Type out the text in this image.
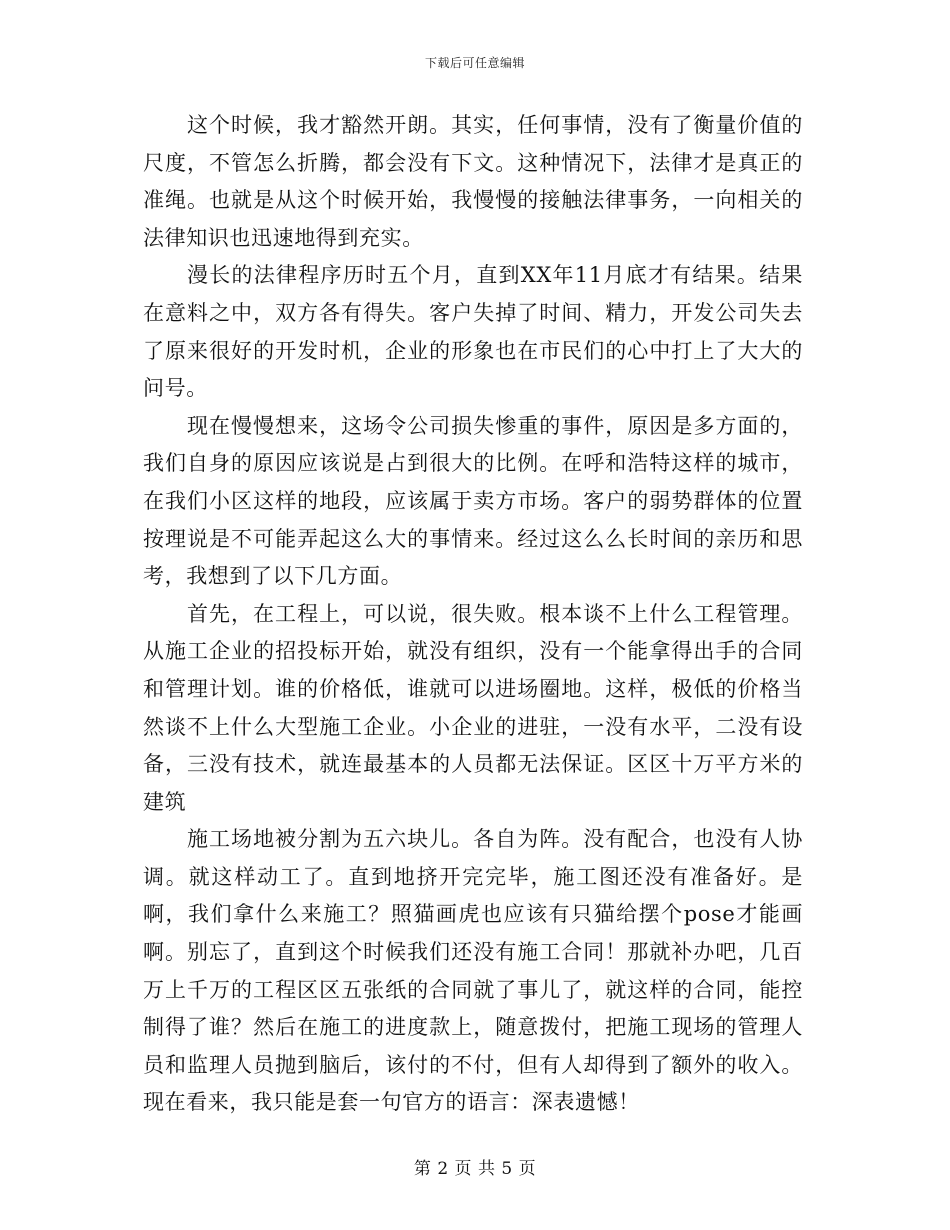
下载后可任意编辑

这个时候，我才豁然开朗。其实，任何事情，没有了衡量价值的尺度，不管怎么折腾，都会没有下文。这种情况下，法律才是真正的准绳。也就是从这个时候开始，我慢慢的接触法律事务，一向相关的法律知识也迅速地得到充实。

漫长的法律程序历时五个月，直到XX年11月底才有结果。结果在意料之中，双方各有得失。客户失掉了时间、精力，开发公司失去了原来很好的开发时机，企业的形象也在市民们的心中打上了大大的问号。

现在慢慢想来，这场令公司损失惨重的事件，原因是多方面的，我们自身的原因应该说是占到很大的比例。在呼和浩特这样的城市，在我们小区这样的地段，应该属于卖方市场。客户的弱势群体的位置按理说是不可能弄起这么大的事情来。经过这么么长时间的亲历和思考，我想到了以下几方面。

首先，在工程上，可以说，很失败。根本谈不上什么工程管理。从施工企业的招投标开始，就没有组织，没有一个能拿得出手的合同和管理计划。谁的价格低，谁就可以进场圈地。这样，极低的价格当然谈不上什么大型施工企业。小企业的进驻，一没有水平，二没有设备，三没有技术，就连最基本的人员都无法保证。区区十万平方米的建筑

施工场地被分割为五六块儿。各自为阵。没有配合，也没有人协调。就这样动工了。直到地挤开完完毕，施工图还没有准备好。是啊，我们拿什么来施工？照猫画虎也应该有只猫给摆个pose才能画啊。别忘了，直到这个时候我们还没有施工合同！那就补办吧，几百万上千万的工程区区五张纸的合同就了事儿了，就这样的合同，能控制得了谁？然后在施工的进度款上，随意拨付，把施工现场的管理人员和监理人员抛到脑后，该付的不付，但有人却得到了额外的收入。现在看来，我只能是套一句官方的语言：深表遗憾！

第 2 页 共 5 页
